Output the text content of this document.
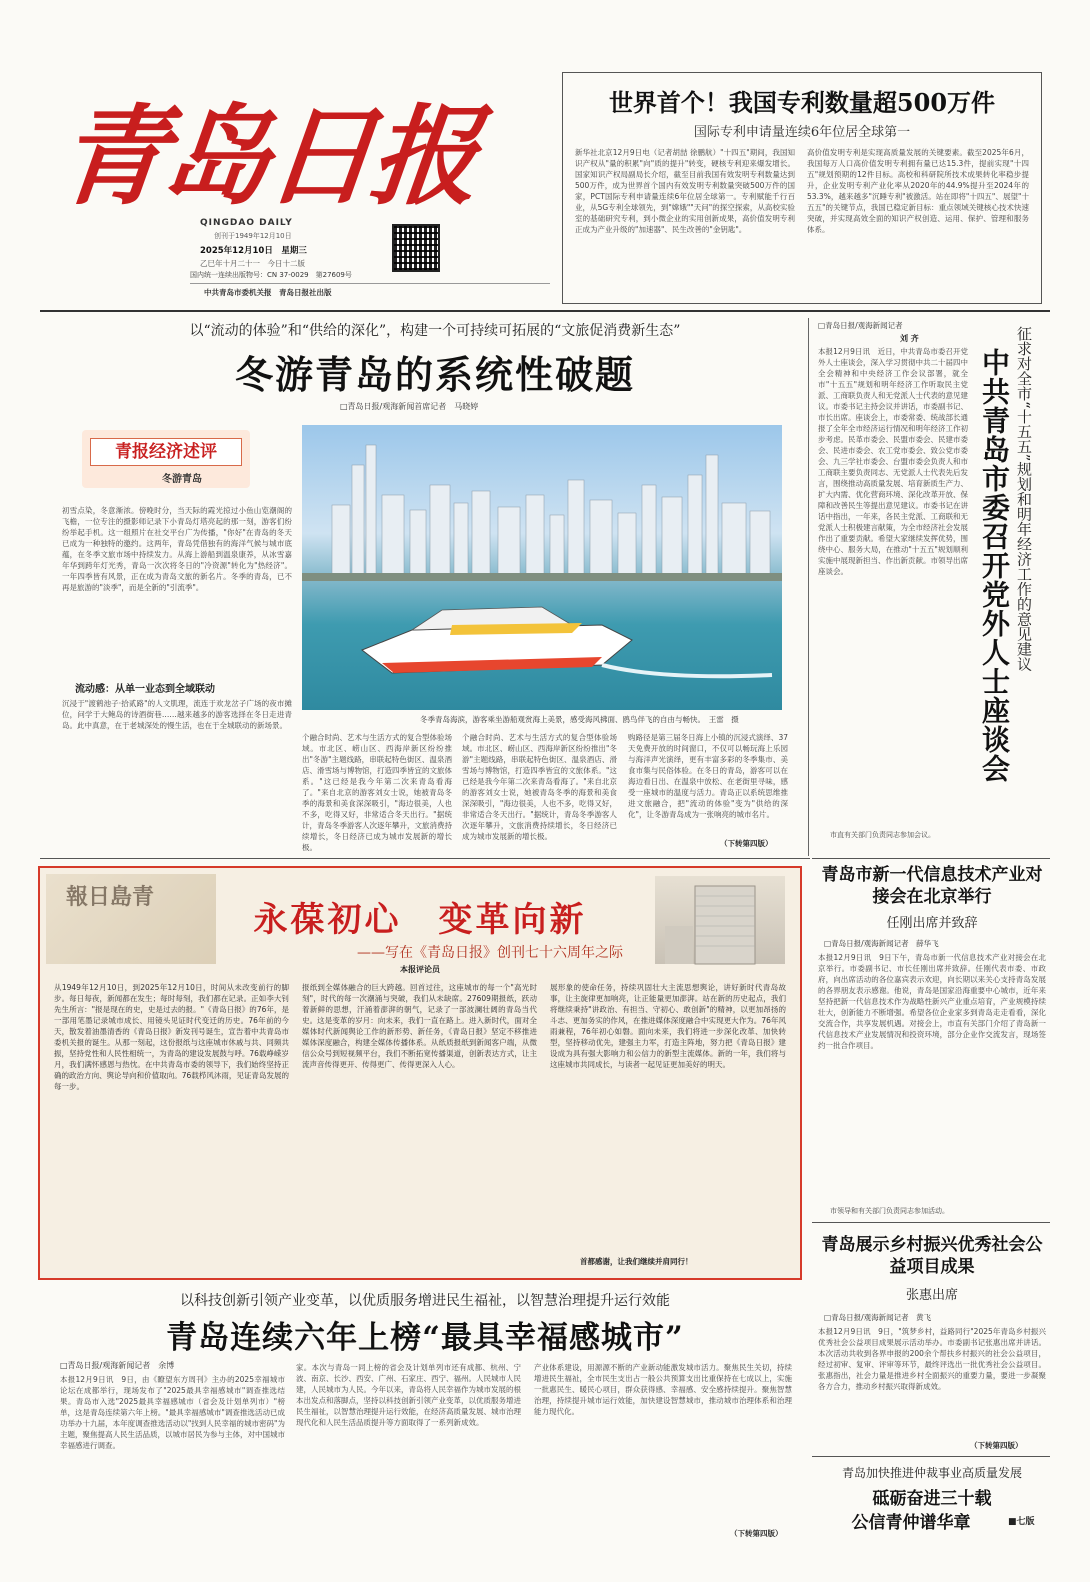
青岛日报
QINGDAO DAILY
创刊于1949年12月10日
2025年12月10日　 星期三
乙巳年十月二十一　 今日十二版
国内统一连续出版物号：CN 37-0029　 第27609号
中共青岛市委机关报　青岛日报社出版
世界首个！我国专利数量超500万件
国际专利申请量连续6年位居全球第一
新华社北京12月9日电（记者胡喆 徐鹏航）"十四五"期间，我国知识产权从"量的积累"向"质的提升"转变，硬核专利迎来爆发增长。国家知识产权局副局长介绍，截至目前我国有效发明专利数量达到500万件，成为世界首个国内有效发明专利数量突破500万件的国家，PCT国际专利申请量连续6年位居全球第一。专利赋能千行百业，从5G专利全球领先，到"嫦娥""天问"的探空探索，从高校实验室的基础研究专利，到小微企业的实用创新成果，高价值发明专利正成为产业升级的"加速器"、民生改善的"金钥匙"。
高价值发明专利是实现高质量发展的关键要素。截至2025年6月，我国每万人口高价值发明专利拥有量已达15.3件，提前实现"十四五"规划预期的12件目标。高校和科研院所技术成果转化率稳步提升，企业发明专利产业化率从2020年的44.9%提升至2024年的53.3%，越来越多"沉睡专利"被激活。站在即将"十四五"、展望"十五五"的关键节点，我国已稳定新目标：重点领域关键核心技术快速突破，并实现高效全面的知识产权创造、运用、保护、管理和服务体系。
以“流动的体验”和“供给的深化”，构建一个可持续可拓展的“文旅促消费新生态”
冬游青岛的系统性破题
□青岛日报/观海新闻首席记者　马晓婷
青报经济述评
冬游青岛
初雪点染，冬意渐浓。傍晚时分，当天际的霞光掠过小鱼山览潮阁的飞檐，一位专注的摄影师记录下小青岛灯塔亮起的那一刻，游客们纷纷举起手机。这一组照片在社交平台广为传播，"你好"在青岛的冬天已成为一种独特的邀约。这两年，青岛凭借独有的海洋气候与城市底蕴，在冬季文旅市场中持续发力。从海上游船到温泉康养，从冰雪嘉年华到跨年灯光秀，青岛一次次将冬日的"冷资源"转化为"热经济"。一年四季皆有风景，正在成为青岛文旅的新名片。冬季的青岛，已不再是旅游的"淡季"，而是全新的"引流季"。
流动感：从单一业态到全域联动
沉浸于"渡鹤池子·拾贰路"的人文肌理，流连于欢龙岔子广场的夜市摊位，问学于大鲍岛的诗酒街巷……越来越多的游客选择在冬日走进青岛。此中真意，在于老城深处的慢生活，也在于全城联动的新场景。
冬季青岛海滨，游客乘坐游船观赏海上美景，感受海风拂面、鸥鸟伴飞的自由与畅快。　王雷　摄
个融合时尚、艺术与生活方式的复合型体验场域。市北区、崂山区、西海岸新区纷纷推出"冬游"主题线路，串联起特色街区、温泉酒店、滑雪场与博物馆，打造四季皆宜的文旅体系。"这已经是我今年第二次来青岛看海了。"来自北京的游客刘女士说，她被青岛冬季的海景和美食深深吸引，"海边很美，人也不多，吃得又好，非常适合冬天出行。"据统计，青岛冬季游客人次逐年攀升，文旅消费持续增长，冬日经济已成为城市发展新的增长极。
个融合时尚、艺术与生活方式的复合型体验场域。市北区、崂山区、西海岸新区纷纷推出"冬游"主题线路，串联起特色街区、温泉酒店、滑雪场与博物馆，打造四季皆宜的文旅体系。"这已经是我今年第二次来青岛看海了。"来自北京的游客刘女士说，她被青岛冬季的海景和美食深深吸引，"海边很美，人也不多，吃得又好，非常适合冬天出行。"据统计，青岛冬季游客人次逐年攀升，文旅消费持续增长，冬日经济已成为城市发展新的增长极。
购路径是第三届冬日海上小镇的沉浸式演绎、37天免费开放的时间窗口，不仅可以畅玩海上乐园与海洋声光演绎，更有丰富多彩的冬季集市、美食市集与民俗体验。在冬日的青岛，游客可以在海边看日出、在温泉中放松、在老街里寻味，感受一座城市的温度与活力。青岛正以系统思维推进文旅融合，把"流动的体验"变为"供给的深化"，让冬游青岛成为一张响亮的城市名片。
（下转第四版）
□青岛日报/观海新闻记者
刘 齐
本报12月9日讯　近日，中共青岛市委召开党外人士座谈会，深入学习贯彻中共二十届四中全会精神和中央经济工作会议部署，就全市"十五五"规划和明年经济工作听取民主党派、工商联负责人和无党派人士代表的意见建议。市委书记主持会议并讲话，市委副书记、市长出席。座谈会上，市委常委、统战部长通报了全年全市经济运行情况和明年经济工作初步考虑。民革市委会、民盟市委会、民建市委会、民进市委会、农工党市委会、致公党市委会、九三学社市委会、台盟市委会负责人和市工商联主要负责同志、无党派人士代表先后发言，围绕推动高质量发展、培育新质生产力、扩大内需、优化营商环境、深化改革开放、保障和改善民生等提出意见建议。市委书记在讲话中指出，一年来，各民主党派、工商联和无党派人士积极建言献策，为全市经济社会发展作出了重要贡献。希望大家继续发挥优势，围绕中心、服务大局，在推动"十五五"规划顺利实施中展现新担当、作出新贡献。市领导出席座谈会。
市直有关部门负责同志参加会议。
中共青岛市委召开党外人士座谈会 征求对全市“十五五”规划和明年经济工作的意见建议
報日島青
永葆初心　变革向新
——写在《青岛日报》创刊七十六周年之际
本报评论员
从1949年12月10日，到2025年12月10日，时间从未改变前行的脚步。每日每夜，新闻都在发生；每时每刻，我们都在记录。正如李大钊先生所言："报是现在的史，史是过去的报。"《青岛日报》的76年，是一部用笔墨记录城市成长、用镜头见证时代变迁的历史。76年前的今天，散发着油墨清香的《青岛日报》新发刊号诞生，宣告着中共青岛市委机关报的诞生。从那一刻起，这份报纸与这座城市休戚与共、同频共振，坚持党性和人民性相统一，为青岛的建设发展鼓与呼。76载峥嵘岁月，我们满怀感恩与热忱。在中共青岛市委的领导下，我们始终坚持正确的政治方向、舆论导向和价值取向。76载栉风沐雨，见证青岛发展的每一步。
报纸到全媒体融合的巨大跨越。回首过往，这座城市的每一个"高光时刻"，时代的每一次潮涌与突破，我们从未缺席。27609期报纸，跃动着新鲜的思想，汗涌着澎湃的朝气，记录了一部波澜壮阔的青岛当代史。这是变革的岁月：向未来，我们一直在路上。进入新时代，面对全媒体时代新闻舆论工作的新形势、新任务，《青岛日报》坚定不移推进媒体深度融合，构建全媒体传播体系。从纸质报纸到新闻客户端，从微信公众号到短视频平台，我们不断拓宽传播渠道，创新表达方式，让主流声音传得更开、传得更广、传得更深入人心。
展形象的使命任务，持续巩固壮大主流思想舆论，讲好新时代青岛故事，让主旋律更加响亮，让正能量更加澎湃。站在新的历史起点，我们将继续秉持"讲政治、有担当、守初心、敢创新"的精神，以更加昂扬的斗志、更加务实的作风，在推进媒体深度融合中实现更大作为。76年风雨兼程，76年初心如磐。面向未来，我们将进一步深化改革、加快转型，坚持移动优先，建强主力军，打造主阵地，努力把《青岛日报》建设成为具有强大影响力和公信力的新型主流媒体。新的一年，我们将与这座城市共同成长，与读者一起见证更加美好的明天。
首都感谢，让我们继续并肩同行！
青岛市新一代信息技术产业对接会在北京举行
任刚出席并致辞
□青岛日报/观海新闻记者　薛华飞
本报12月9日讯　9日下午，青岛市新一代信息技术产业对接会在北京举行。市委副书记、市长任刚出席并致辞。任刚代表市委、市政府，向出席活动的各位嘉宾表示欢迎，向长期以来关心支持青岛发展的各界朋友表示感谢。他说，青岛是国家沿海重要中心城市，近年来坚持把新一代信息技术作为战略性新兴产业重点培育，产业规模持续壮大，创新能力不断增强。希望各位企业家多到青岛走走看看，深化交流合作，共享发展机遇。对接会上，市直有关部门介绍了青岛新一代信息技术产业发展情况和投资环境，部分企业作交流发言，现场签约一批合作项目。
市领导和有关部门负责同志参加活动。
青岛展示乡村振兴优秀社会公益项目成果
张惠出席
□青岛日报/观海新闻记者　黄飞
本报12月9日讯　9日，"筑梦乡村，益路同行"2025年青岛乡村振兴优秀社会公益项目成果展示活动举办。市委副书记张惠出席并讲话。本次活动共收到各界申报的200余个帮扶乡村振兴的社会公益项目，经过初审、复审、评审等环节，最终评选出一批优秀社会公益项目。张惠指出，社会力量是推进乡村全面振兴的重要力量，要进一步凝聚各方合力，推动乡村振兴取得新成效。
（下转第四版）
以科技创新引领产业变革，以优质服务增进民生福祉，以智慧治理提升运行效能
青岛连续六年上榜“最具幸福感城市”
□青岛日报/观海新闻记者　余博
本报12月9日讯　9日，由《瞭望东方周刊》主办的2025幸福城市论坛在成都举行，现场发布了"2025最具幸福感城市"调查推选结果。青岛市入选"2025最具幸福感城市（省会及计划单列市）"榜单，这是青岛连续第六年上榜。"最具幸福感城市"调查推选活动已成功举办十九届，本年度调查推选活动以"找到人民幸福的城市密码"为主题，聚焦提高人民生活品质，以城市居民为参与主体，对中国城市幸福感进行调查。
家。本次与青岛一同上榜的省会及计划单列市还有成都、杭州、宁波、南京、长沙、西安、广州、石家庄、西宁、福州。人民城市人民建，人民城市为人民。今年以来，青岛将人民幸福作为城市发展的根本出发点和落脚点，坚持以科技创新引领产业变革，以优质服务增进民生福祉，以智慧治理提升运行效能，在经济高质量发展、城市治理现代化和人民生活品质提升等方面取得了一系列新成效。
产业体系建设，用源源不断的产业新动能激发城市活力。聚焦民生关切，持续增进民生福祉，全市民生支出占一般公共预算支出比重保持在七成以上，实施一批惠民生、暖民心项目，群众获得感、幸福感、安全感持续提升。聚焦智慧治理，持续提升城市运行效能，加快建设智慧城市，推动城市治理体系和治理能力现代化。
（下转第四版）
青岛加快推进仲裁事业高质量发展
砥砺奋进三十载
公信青仲谱华章	■七版
